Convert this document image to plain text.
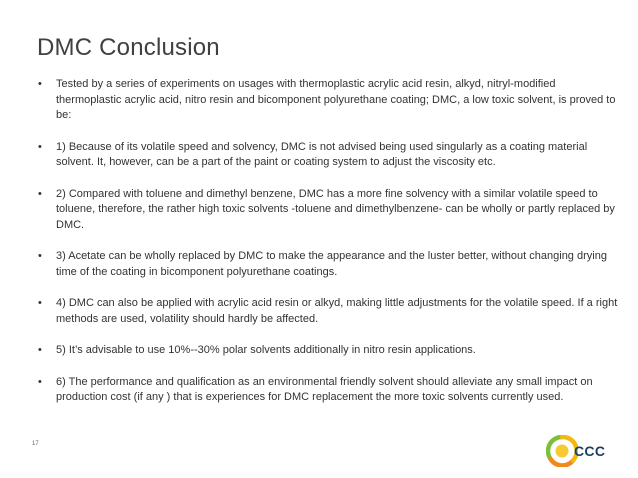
DMC Conclusion
• Tested by a series of experiments on usages with thermoplastic acrylic acid resin, alkyd, nitryl-modified thermoplastic acrylic acid, nitro resin and bicomponent polyurethane coating; DMC, a low toxic solvent, is proved to be:
• 1) Because of its volatile speed and solvency, DMC is not advised being used singularly as a coating material solvent. It, however, can be a part of the paint or coating system to adjust the viscosity etc.
• 2) Compared with toluene and dimethyl benzene, DMC has a more fine solvency with a similar volatile speed to toluene, therefore, the rather high toxic solvents -toluene and dimethylbenzene- can be wholly or partly replaced by DMC.
• 3) Acetate can be wholly replaced by DMC to make the appearance and the luster better, without changing drying time of the coating in bicomponent polyurethane coatings.
• 4) DMC can also be applied with acrylic acid resin or alkyd, making little adjustments for the volatile speed. If a right methods are used, volatility should hardly be affected.
• 5) It’s advisable to use 10%--30% polar solvents additionally in nitro resin applications.
• 6) The performance and qualification as an environmental friendly solvent should alleviate any small impact on production cost (if any ) that is experiences for DMC replacement the more toxic solvents currently used.
17	CCC
